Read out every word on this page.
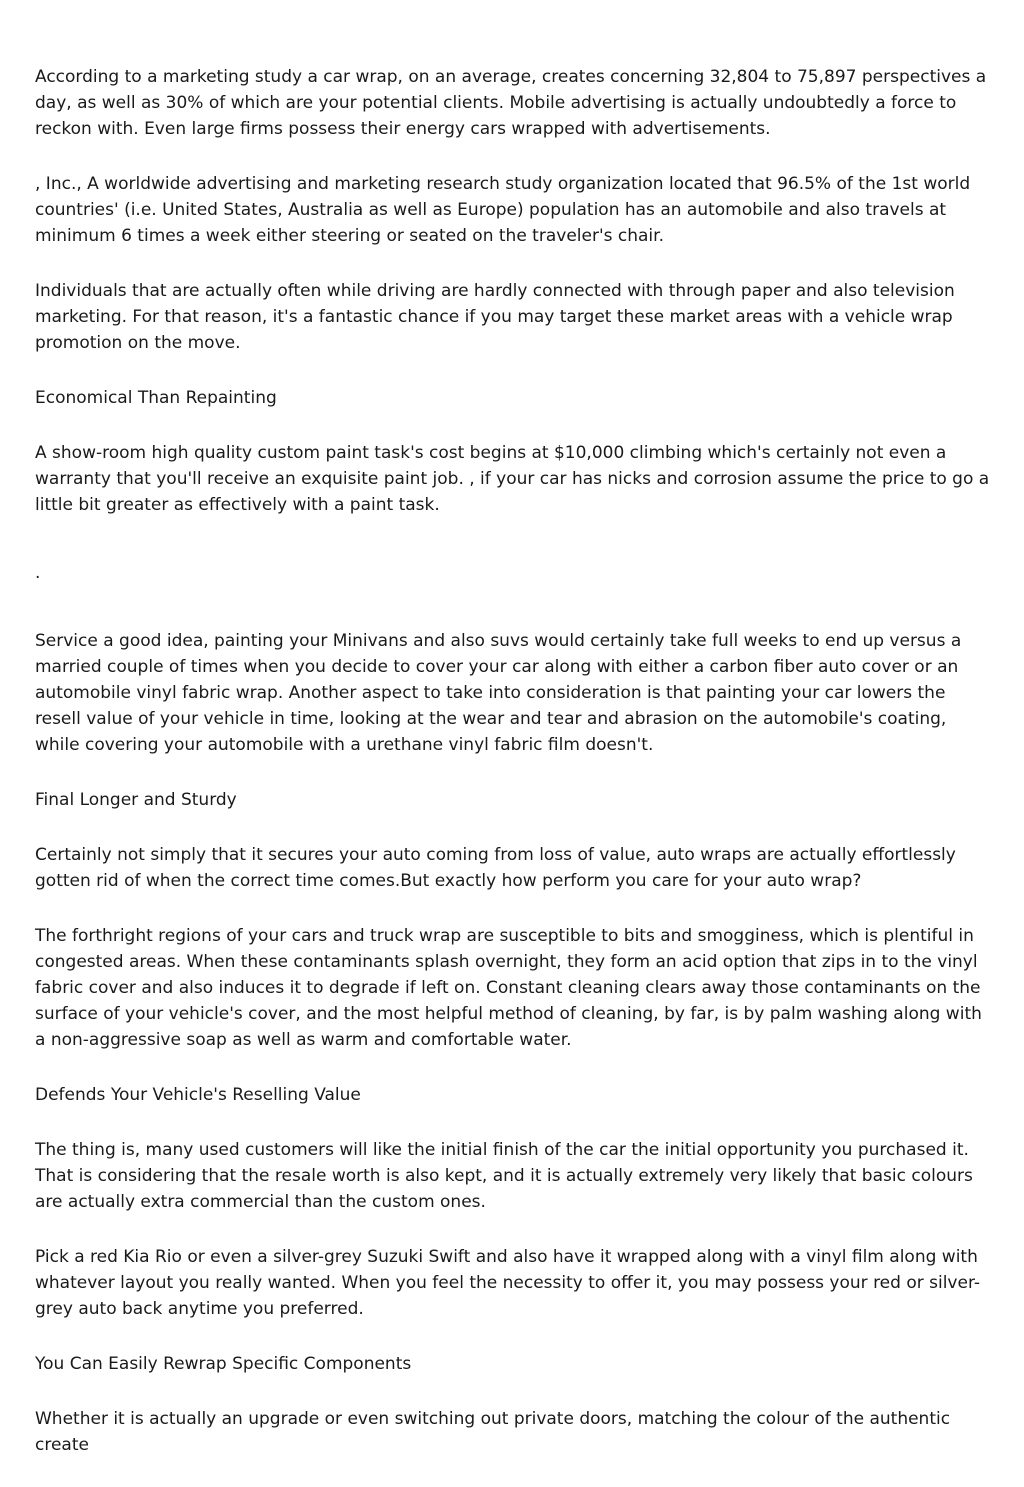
According to a marketing study a car wrap, on an average, creates concerning 32,804 to 75,897 perspectives a day, as well as 30% of which are your potential clients. Mobile advertising is actually undoubtedly a force to reckon with. Even large firms possess their energy cars wrapped with advertisements.

, Inc., A worldwide advertising and marketing research study organization located that 96.5% of the 1st world countries' (i.e. United States, Australia as well as Europe) population has an automobile and also travels at minimum 6 times a week either steering or seated on the traveler's chair.

Individuals that are actually often while driving are hardly connected with through paper and also television marketing. For that reason, it's a fantastic chance if you may target these market areas with a vehicle wrap promotion on the move.

Economical Than Repainting

A show-room high quality custom paint task's cost begins at $10,000 climbing which's certainly not even a warranty that you'll receive an exquisite paint job. , if your car has nicks and corrosion assume the price to go a little bit greater as effectively with a paint task.

.

Service a good idea, painting your Minivans and also suvs would certainly take full weeks to end up versus a married couple of times when you decide to cover your car along with either a carbon fiber auto cover or an automobile vinyl fabric wrap. Another aspect to take into consideration is that painting your car lowers the resell value of your vehicle in time, looking at the wear and tear and abrasion on the automobile's coating, while covering your automobile with a urethane vinyl fabric film doesn't.

Final Longer and Sturdy

Certainly not simply that it secures your auto coming from loss of value, auto wraps are actually effortlessly gotten rid of when the correct time comes.But exactly how perform you care for your auto wrap?

The forthright regions of your cars and truck wrap are susceptible to bits and smogginess, which is plentiful in congested areas. When these contaminants splash overnight, they form an acid option that zips in to the vinyl fabric cover and also induces it to degrade if left on. Constant cleaning clears away those contaminants on the surface of your vehicle's cover, and the most helpful method of cleaning, by far, is by palm washing along with a non-aggressive soap as well as warm and comfortable water.

Defends Your Vehicle's Reselling Value

The thing is, many used customers will like the initial finish of the car the initial opportunity you purchased it. That is considering that the resale worth is also kept, and it is actually extremely very likely that basic colours are actually extra commercial than the custom ones.

Pick a red Kia Rio or even a silver-grey Suzuki Swift and also have it wrapped along with a vinyl film along with whatever layout you really wanted. When you feel the necessity to offer it, you may possess your red or silver-grey auto back anytime you preferred.

You Can Easily Rewrap Specific Components

Whether it is actually an upgrade or even switching out private doors, matching the colour of the authentic create
